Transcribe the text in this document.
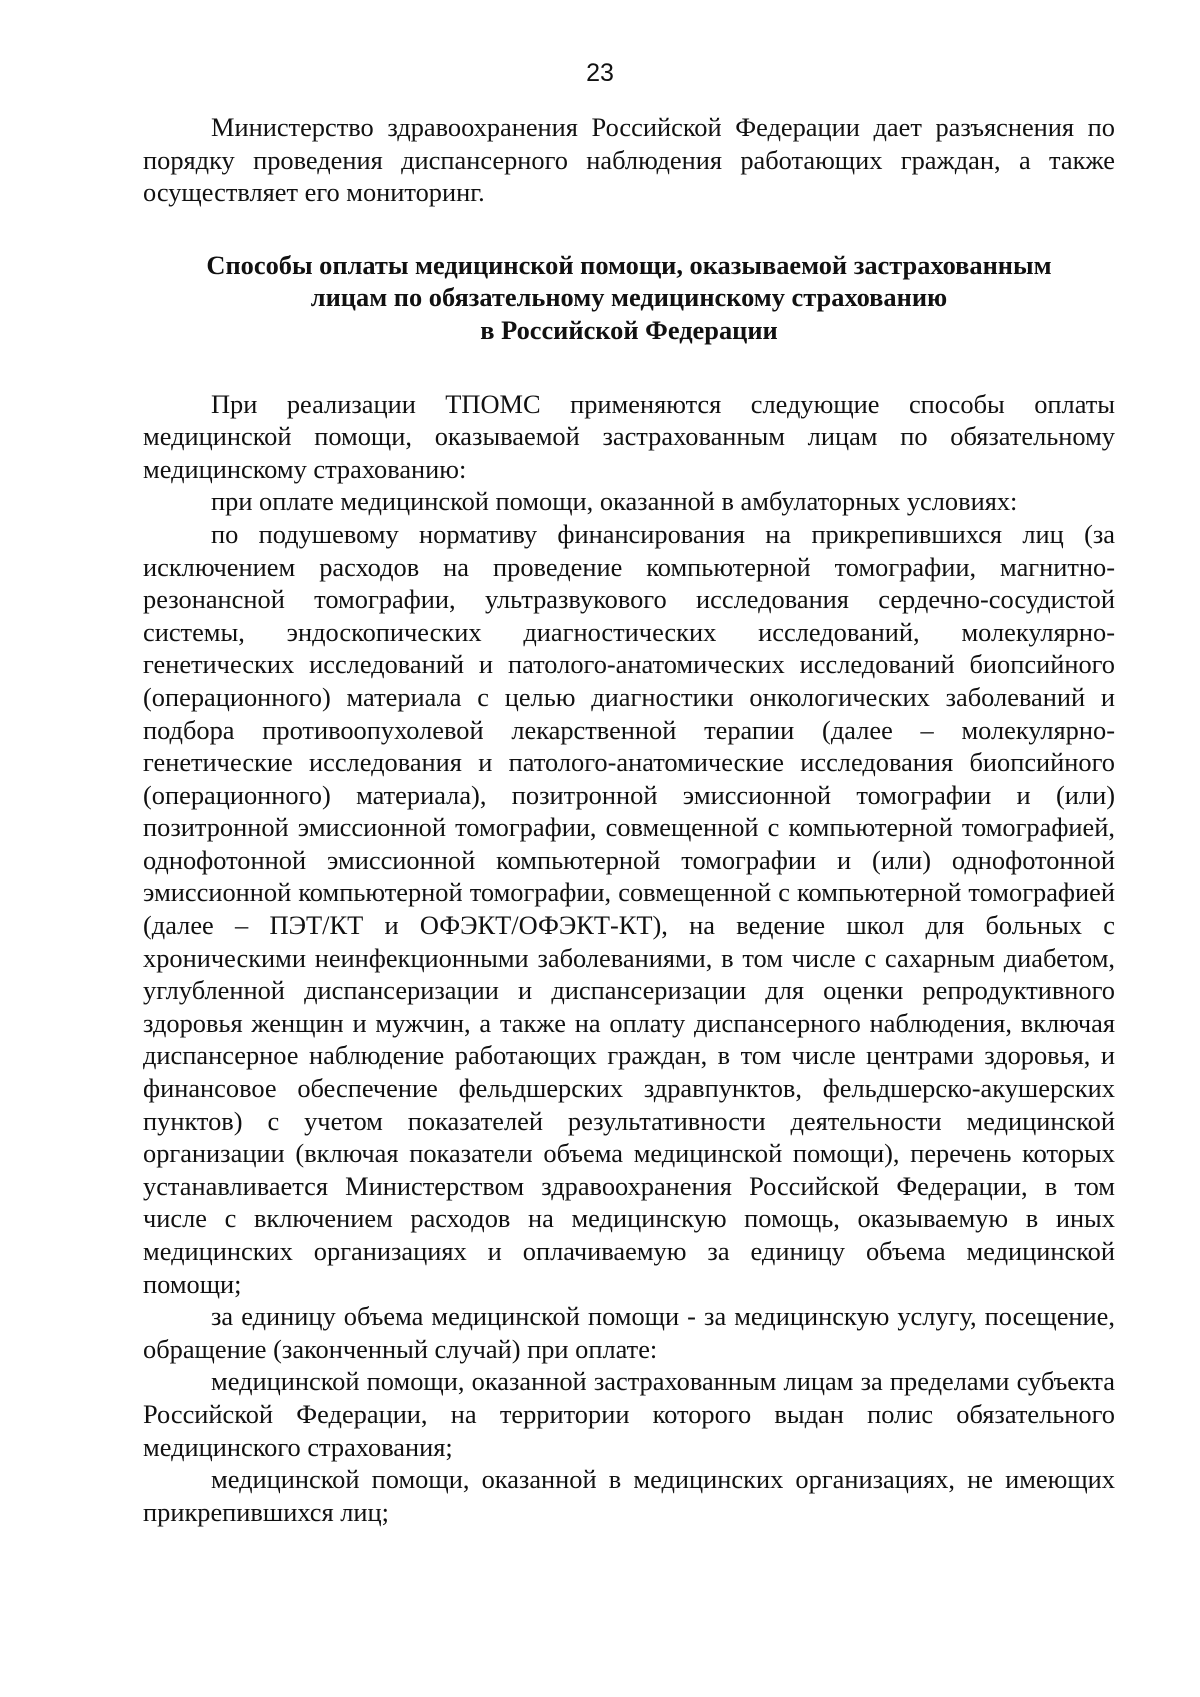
23

Министерство здравоохранения Российской Федерации дает разъяснения по порядку проведения диспансерного наблюдения работающих граждан, а также осуществляет его мониторинг.

Способы оплаты медицинской помощи, оказываемой застрахованным
лицам по обязательному медицинскому страхованию
в Российской Федерации

При реализации ТПОМС применяются следующие способы оплаты медицинской помощи, оказываемой застрахованным лицам по обязательному медицинскому страхованию:

при оплате медицинской помощи, оказанной в амбулаторных условиях:

по подушевому нормативу финансирования на прикрепившихся лиц (за исключением расходов на проведение компьютерной томографии, магнитно-резонансной томографии, ультразвукового исследования сердечно-сосудистой системы, эндоскопических диагностических исследований, молекулярно-генетических исследований и патолого-анатомических исследований биопсийного (операционного) материала с целью диагностики онкологических заболеваний и подбора противоопухолевой лекарственной терапии (далее – молекулярно-генетические исследования и патолого-анатомические исследования биопсийного (операционного) материала), позитронной эмиссионной томографии и (или) позитронной эмиссионной томографии, совмещенной с компьютерной томографией, однофотонной эмиссионной компьютерной томографии и (или) однофотонной эмиссионной компьютерной томографии, совмещенной с компьютерной томографией (далее – ПЭТ/КТ и ОФЭКТ/ОФЭКТ-КТ), на ведение школ для больных с хроническими неинфекционными заболеваниями, в том числе с сахарным диабетом, углубленной диспансеризации и диспансеризации для оценки репродуктивного здоровья женщин и мужчин, а также на оплату диспансерного наблюдения, включая диспансерное наблюдение работающих граждан, в том числе центрами здоровья, и финансовое обеспечение фельдшерских здравпунктов, фельдшерско-акушерских пунктов) с учетом показателей результативности деятельности медицинской организации (включая показатели объема медицинской помощи), перечень которых устанавливается Министерством здравоохранения Российской Федерации, в том числе с включением расходов на медицинскую помощь, оказываемую в иных медицинских организациях и оплачиваемую за единицу объема медицинской помощи;

за единицу объема медицинской помощи - за медицинскую услугу, посещение, обращение (законченный случай) при оплате:

медицинской помощи, оказанной застрахованным лицам за пределами субъекта Российской Федерации, на территории которого выдан полис обязательного медицинского страхования;

медицинской помощи, оказанной в медицинских организациях, не имеющих прикрепившихся лиц;
